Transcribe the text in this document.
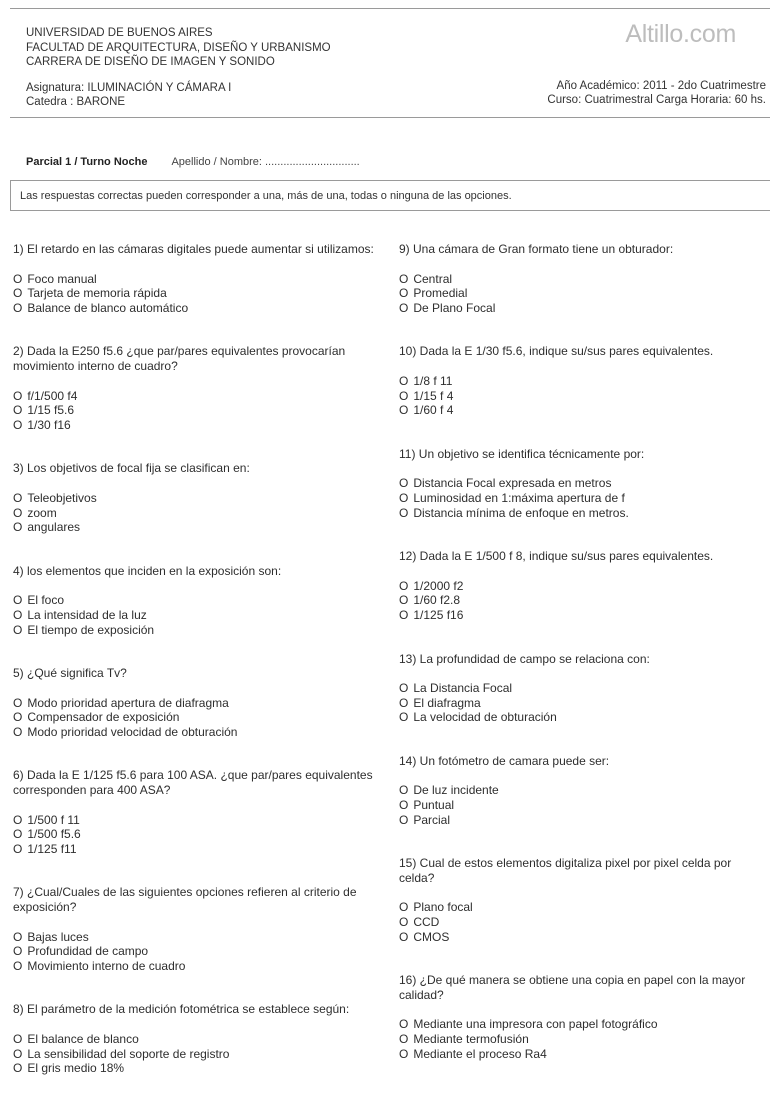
UNIVERSIDAD DE BUENOS AIRES
FACULTAD DE ARQUITECTURA, DISEÑO Y URBANISMO
CARRERA DE DISEÑO DE IMAGEN Y SONIDO
Altillo.com
Asignatura: ILUMINACIÓN Y CÁMARA I
Catedra : BARONE
Año Académico: 2011 - 2do Cuatrimestre
Curso: Cuatrimestral Carga Horaria: 60 hs.
Parcial 1 / Turno Noche Apellido / Nombre: ...............................
Las respuestas correctas pueden corresponder a una, más de una, todas o ninguna de las opciones.
1) El retardo en las cámaras digitales puede aumentar si utilizamos:
O Foco manual
O Tarjeta de memoria rápida
O Balance de blanco automático
2) Dada la E250 f5.6 ¿que par/pares equivalentes provocarían movimiento interno de cuadro?
O f/1/500 f4
O 1/15 f5.6
O 1/30 f16
3) Los objetivos de focal fija se clasifican en:
O Teleobjetivos
O zoom
O angulares
4) los elementos que inciden en la exposición son:
O El foco
O La intensidad de la luz
O El tiempo de exposición
5) ¿Qué significa Tv?
O Modo prioridad apertura de diafragma
O Compensador de exposición
O Modo prioridad velocidad de obturación
6) Dada la E 1/125 f5.6 para 100 ASA. ¿que par/pares equivalentes corresponden para 400 ASA?
O 1/500 f 11
O 1/500 f5.6
O 1/125 f11
7) ¿Cual/Cuales de las siguientes opciones refieren al criterio de exposición?
O Bajas luces
O Profundidad de campo
O Movimiento interno de cuadro
8) El parámetro de la medición fotométrica se establece según:
O El balance de blanco
O La sensibilidad del soporte de registro
O El gris medio 18%
9) Una cámara de Gran formato tiene un obturador:
O Central
O Promedial
O De Plano Focal
10) Dada la E 1/30 f5.6, indique su/sus pares equivalentes.
O 1/8 f 11
O 1/15 f 4
O 1/60 f 4
11) Un objetivo se identifica técnicamente por:
O Distancia Focal expresada en metros
O Luminosidad en 1:máxima apertura de f
O Distancia mínima de enfoque en metros.
12) Dada la E 1/500 f 8, indique su/sus pares equivalentes.
O 1/2000 f2
O 1/60 f2.8
O 1/125 f16
13) La profundidad de campo se relaciona con:
O La Distancia Focal
O El diafragma
O La velocidad de obturación
14) Un fotómetro de camara puede ser:
O De luz incidente
O Puntual
O Parcial
15) Cual de estos elementos digitaliza pixel por pixel celda por celda?
O Plano focal
O CCD
O CMOS
16) ¿De qué manera se obtiene una copia en papel con la mayor calidad?
O Mediante una impresora con papel fotográfico
O Mediante termofusión
O Mediante el proceso Ra4
